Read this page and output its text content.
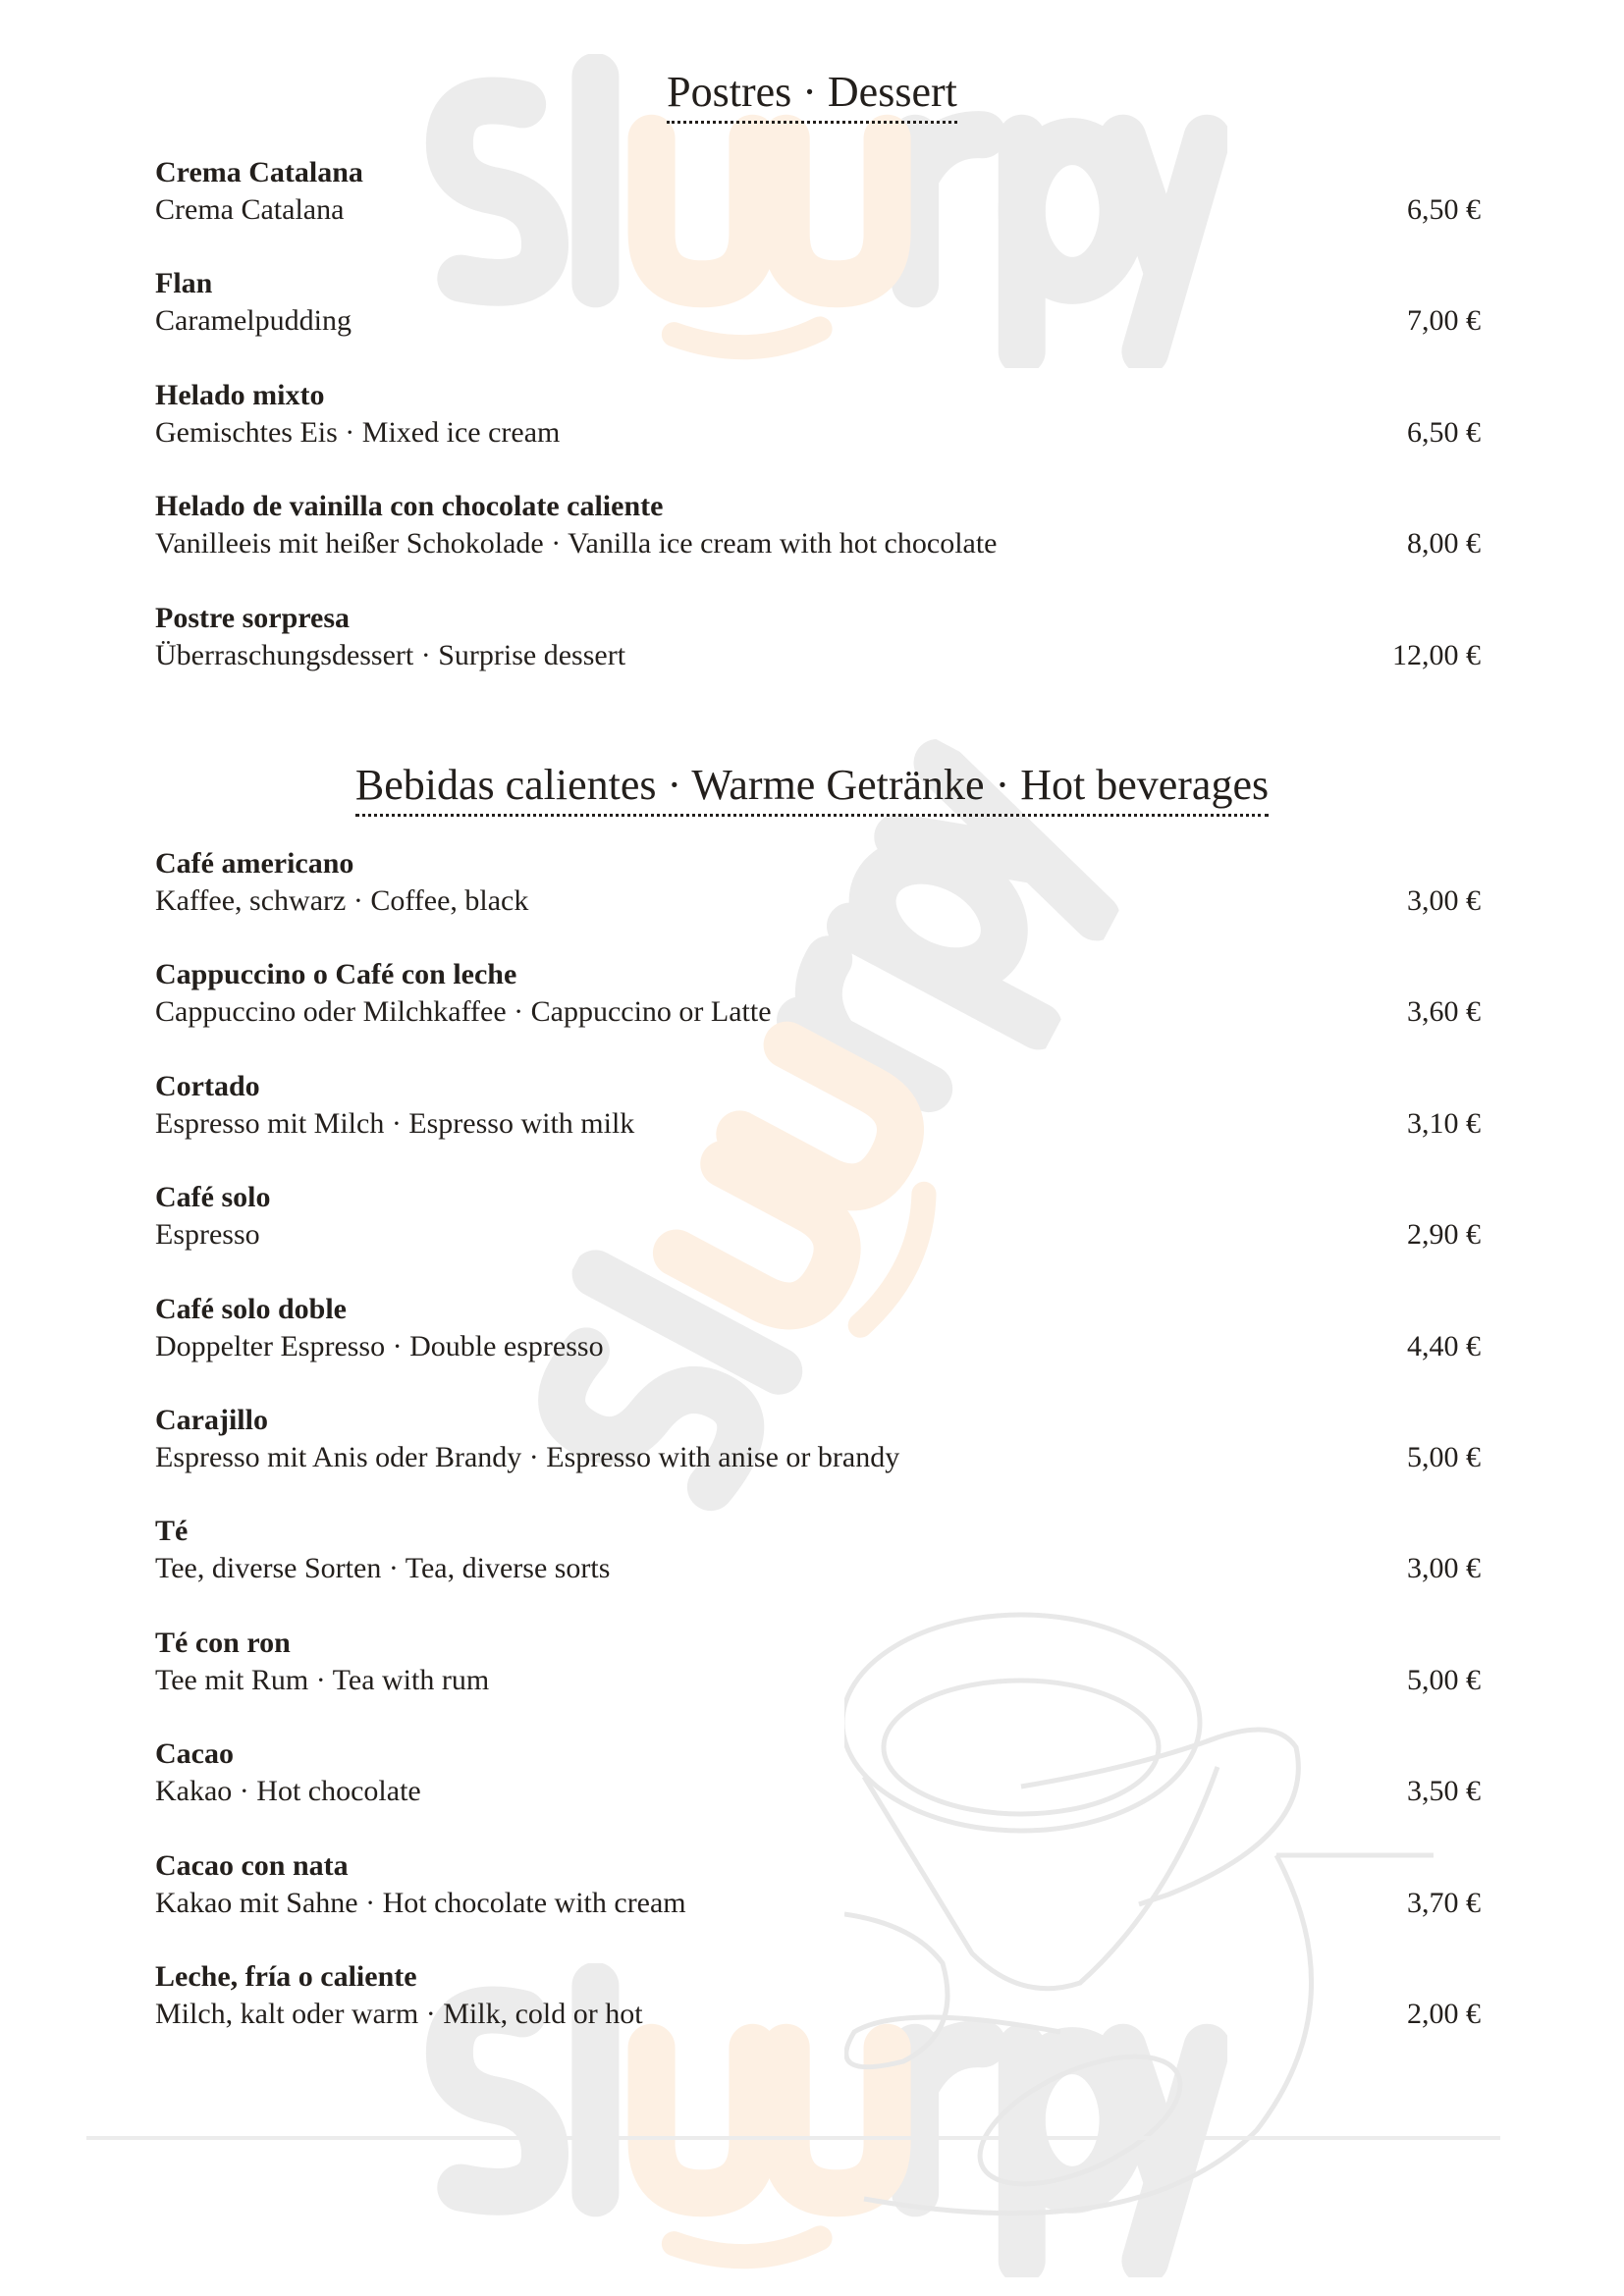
Postres · Dessert
Crema Catalana
Crema Catalana	6,50 €
Flan
Caramelpudding	7,00 €
Helado mixto
Gemischtes Eis · Mixed ice cream	6,50 €
Helado de vainilla con chocolate caliente
Vanilleeis mit heißer Schokolade · Vanilla ice cream with hot chocolate	8,00 €
Postre sorpresa
Überraschungsdessert · Surprise dessert	12,00 €
Bebidas calientes · Warme Getränke · Hot beverages
Café americano
Kaffee, schwarz · Coffee, black	3,00 €
Cappuccino o Café con leche
Cappuccino oder Milchkaffee · Cappuccino or Latte	3,60 €
Cortado
Espresso mit Milch · Espresso with milk	3,10 €
Café solo
Espresso	2,90 €
Café solo doble
Doppelter Espresso · Double espresso	4,40 €
Carajillo
Espresso mit Anis oder Brandy · Espresso with anise or brandy	5,00 €
Té
Tee, diverse Sorten · Tea, diverse sorts	3,00 €
Té con ron
Tee mit Rum · Tea with rum	5,00 €
Cacao
Kakao · Hot chocolate	3,50 €
Cacao con nata
Kakao mit Sahne · Hot chocolate with cream	3,70 €
Leche, fría o caliente
Milch, kalt oder warm · Milk, cold or hot	2,00 €
